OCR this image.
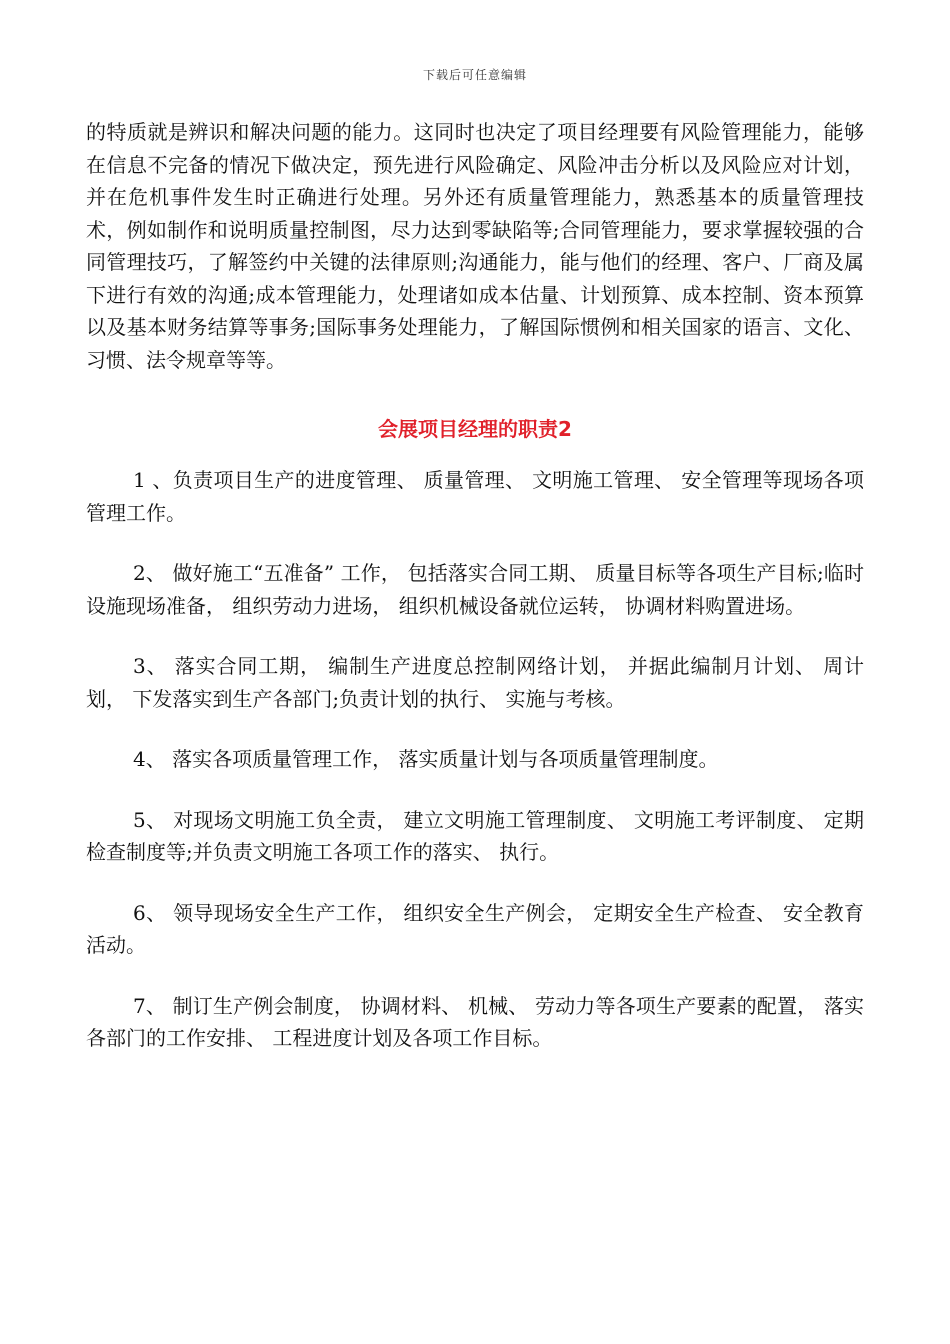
下载后可任意编辑

的特质就是辨识和解决问题的能力。这同时也决定了项目经理要有风险管理能力，能够在信息不完备的情况下做决定，预先进行风险确定、风险冲击分析以及风险应对计划，并在危机事件发生时正确进行处理。另外还有质量管理能力，熟悉基本的质量管理技术，例如制作和说明质量控制图，尽力达到零缺陷等;合同管理能力，要求掌握较强的合同管理技巧，了解签约中关键的法律原则;沟通能力，能与他们的经理、客户、厂商及属下进行有效的沟通;成本管理能力，处理诸如成本估量、计划预算、成本控制、资本预算以及基本财务结算等事务;国际事务处理能力，了解国际惯例和相关国家的语言、文化、习惯、法令规章等等。

会展项目经理的职责2

1 、负责项目生产的进度管理、 质量管理、 文明施工管理、 安全管理等现场各项管理工作。

2、 做好施工“五准备” 工作， 包括落实合同工期、 质量目标等各项生产目标;临时设施现场准备， 组织劳动力进场， 组织机械设备就位运转， 协调材料购置进场。

3、 落实合同工期， 编制生产进度总控制网络计划， 并据此编制月计划、 周计划， 下发落实到生产各部门;负责计划的执行、 实施与考核。

4、 落实各项质量管理工作， 落实质量计划与各项质量管理制度。

5、 对现场文明施工负全责， 建立文明施工管理制度、 文明施工考评制度、 定期检查制度等;并负责文明施工各项工作的落实、 执行。

6、 领导现场安全生产工作， 组织安全生产例会， 定期安全生产检查、 安全教育活动。

7、 制订生产例会制度， 协调材料、 机械、 劳动力等各项生产要素的配置， 落实各部门的工作安排、 工程进度计划及各项工作目标。
